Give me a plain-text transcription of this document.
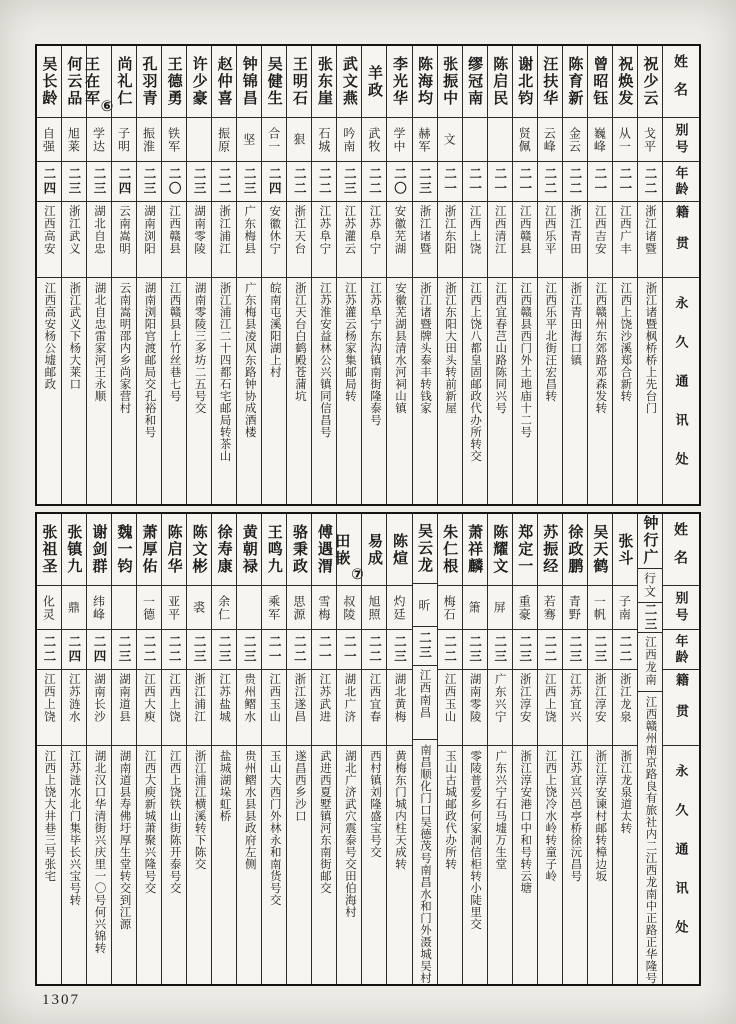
姓名
别号
年龄
籍贯
永久通讯处
祝少云
戈平
二二
浙江诸暨
浙江诸暨枫桥桥上先台门
祝焕发
从一
二一
江西广丰
江西上饶沙溪郑合新转
曾昭钰
巍峰
二一
江西吉安
江西赣州东郊路邓森发转
陈育新
金云
二二
浙江青田
浙江青田海口镇
汪扶华
云峰
二二
江西乐平
江西乐平北街汪宏昌转
谢北钧
贤佩
二一
江西赣县
江西赣县西门外土地庙十二号
陈启民
二一
江西清江
江西宜春芑山路陈同兴号
缪冠南
二一
江西上饶
江西上饶八都皇固邮政代办所转交
张振中
文
二一
浙江东阳
浙江东阳大田头转前新屋
陈海均
赫军
二三
浙江诸暨
浙江诸暨牌头泰丰转钱家
李光华
学中
二〇
安徽芜湖
安徽芜湖县清水河祠山镇
羊政
武牧
二二
江苏阜宁
江苏阜宁东沟镇南街隆泰号
武文燕
吟南
二三
江苏灌云
江苏灌云杨家集邮局转
张东崖
石城
二二
江苏阜宁
江苏淮安益林公兴镇同信昌号
王明石
狠
二二
浙江天台
浙江天台白鹤殿苍蒲坑
吴健生
合一
二四
安徽休宁
皖南屯溪阳湖上村
钟锦昌
坚
二三
广东梅县
广东梅县凌风东路钟协成酒楼
赵仲喜
振原
二二
浙江浦江
浙江浦江二十四都石宅邮局转茶山
许少豪
二三
湖南零陵
湖南零陵三多坊二五号交
王德勇
铁军
二〇
江西赣县
江西赣县上竹丝巷七号
孔羽青
振淮
二三
湖南浏阳
湖南浏阳官渡邮局交孔裕和号
尚礼仁
子明
二四
云南嵩明
云南嵩明邵内乡尚家营村
王在军
⑥
学达
二三
湖北自忠
湖北自忠雷家河王永顺
何云品
旭莱
二三
浙江武义
浙江武义下杨大莱口
吴长龄
自强
二四
江西高安
江西高安杨公墟邮政
姓名
别号
年龄
籍贯
永久通讯处
钟行广
行文
二三
江西龙南
江西赣州南京路良有旅社内二江西龙南中正路正华隆号
张斗
子南
二二
浙江龙泉
浙江龙泉道太转
吴天鹤
一帆
二三
浙江淳安
浙江淳安谏村邮转樟边坂
徐政鹏
青野
二三
江苏宜兴
江苏宜兴邑亭桥徐沅昌号
苏振经
若骞
二二
江西上饶
江西上饶冷水岭转童子岭
郑定一
重豪
二三
浙江淳安
浙江淳安港口中和号转云塘
陈耀文
屏
二三
广东兴宁
广东兴宁石马墟万生堂
萧祥麟
箫
二三
湖南零陵
零陵普爱乡何家洞信柜转小陡里交
朱仁根
梅石
二二
江西玉山
玉山古城邮政代办所转
吴云龙
昕
二三
江西南昌
南昌顺化门口吴德茂号南昌水和门外滠城吴村
陈煊
灼廷
二三
湖北黄梅
黄梅东门城内柱天成转
易成
旭照
二二
江西宜春
西村镇刘隆盛宝号交
田嵌
⑦
叔陵
二一
湖北广济
湖北广济武穴震泰号交田伯海村
傅遇渭
雪梅
二一
江苏武进
武进西夏墅镇河东南街邮交
骆秉政
思源
二二
浙江遂昌
遂昌西乡沙口
王鸣九
乘军
二一
江西玉山
玉山大西门外林永和南货号交
黄朝禄
二三
贵州鳛水
贵州鳛水县县政府左侧
徐寿康
余仁
二三
江苏盐城
盐城湖垛虹桥
陈文彬
裘
二三
浙江浦江
浙江浦江横溪转下陈交
陈启华
亚平
二二
江西上饶
江西上饶铁山街陈开泰号交
萧厚佑
一德
二二
江西大庾
江西大庾新城萧聚兴隆号交
魏一钧
二三
湖南道县
湖南道县寿佛圩厚生堂转交到江源
谢剑群
纬峰
二四
湖南长沙
湖北汉口华清街兴庆里一〇号何兴锦转
张镇九
鼎
二四
江苏涟水
江苏涟水北门集毕长兴宝号转
张祖圣
化灵
二二
江西上饶
江西上饶大井巷三号张宅
1307
